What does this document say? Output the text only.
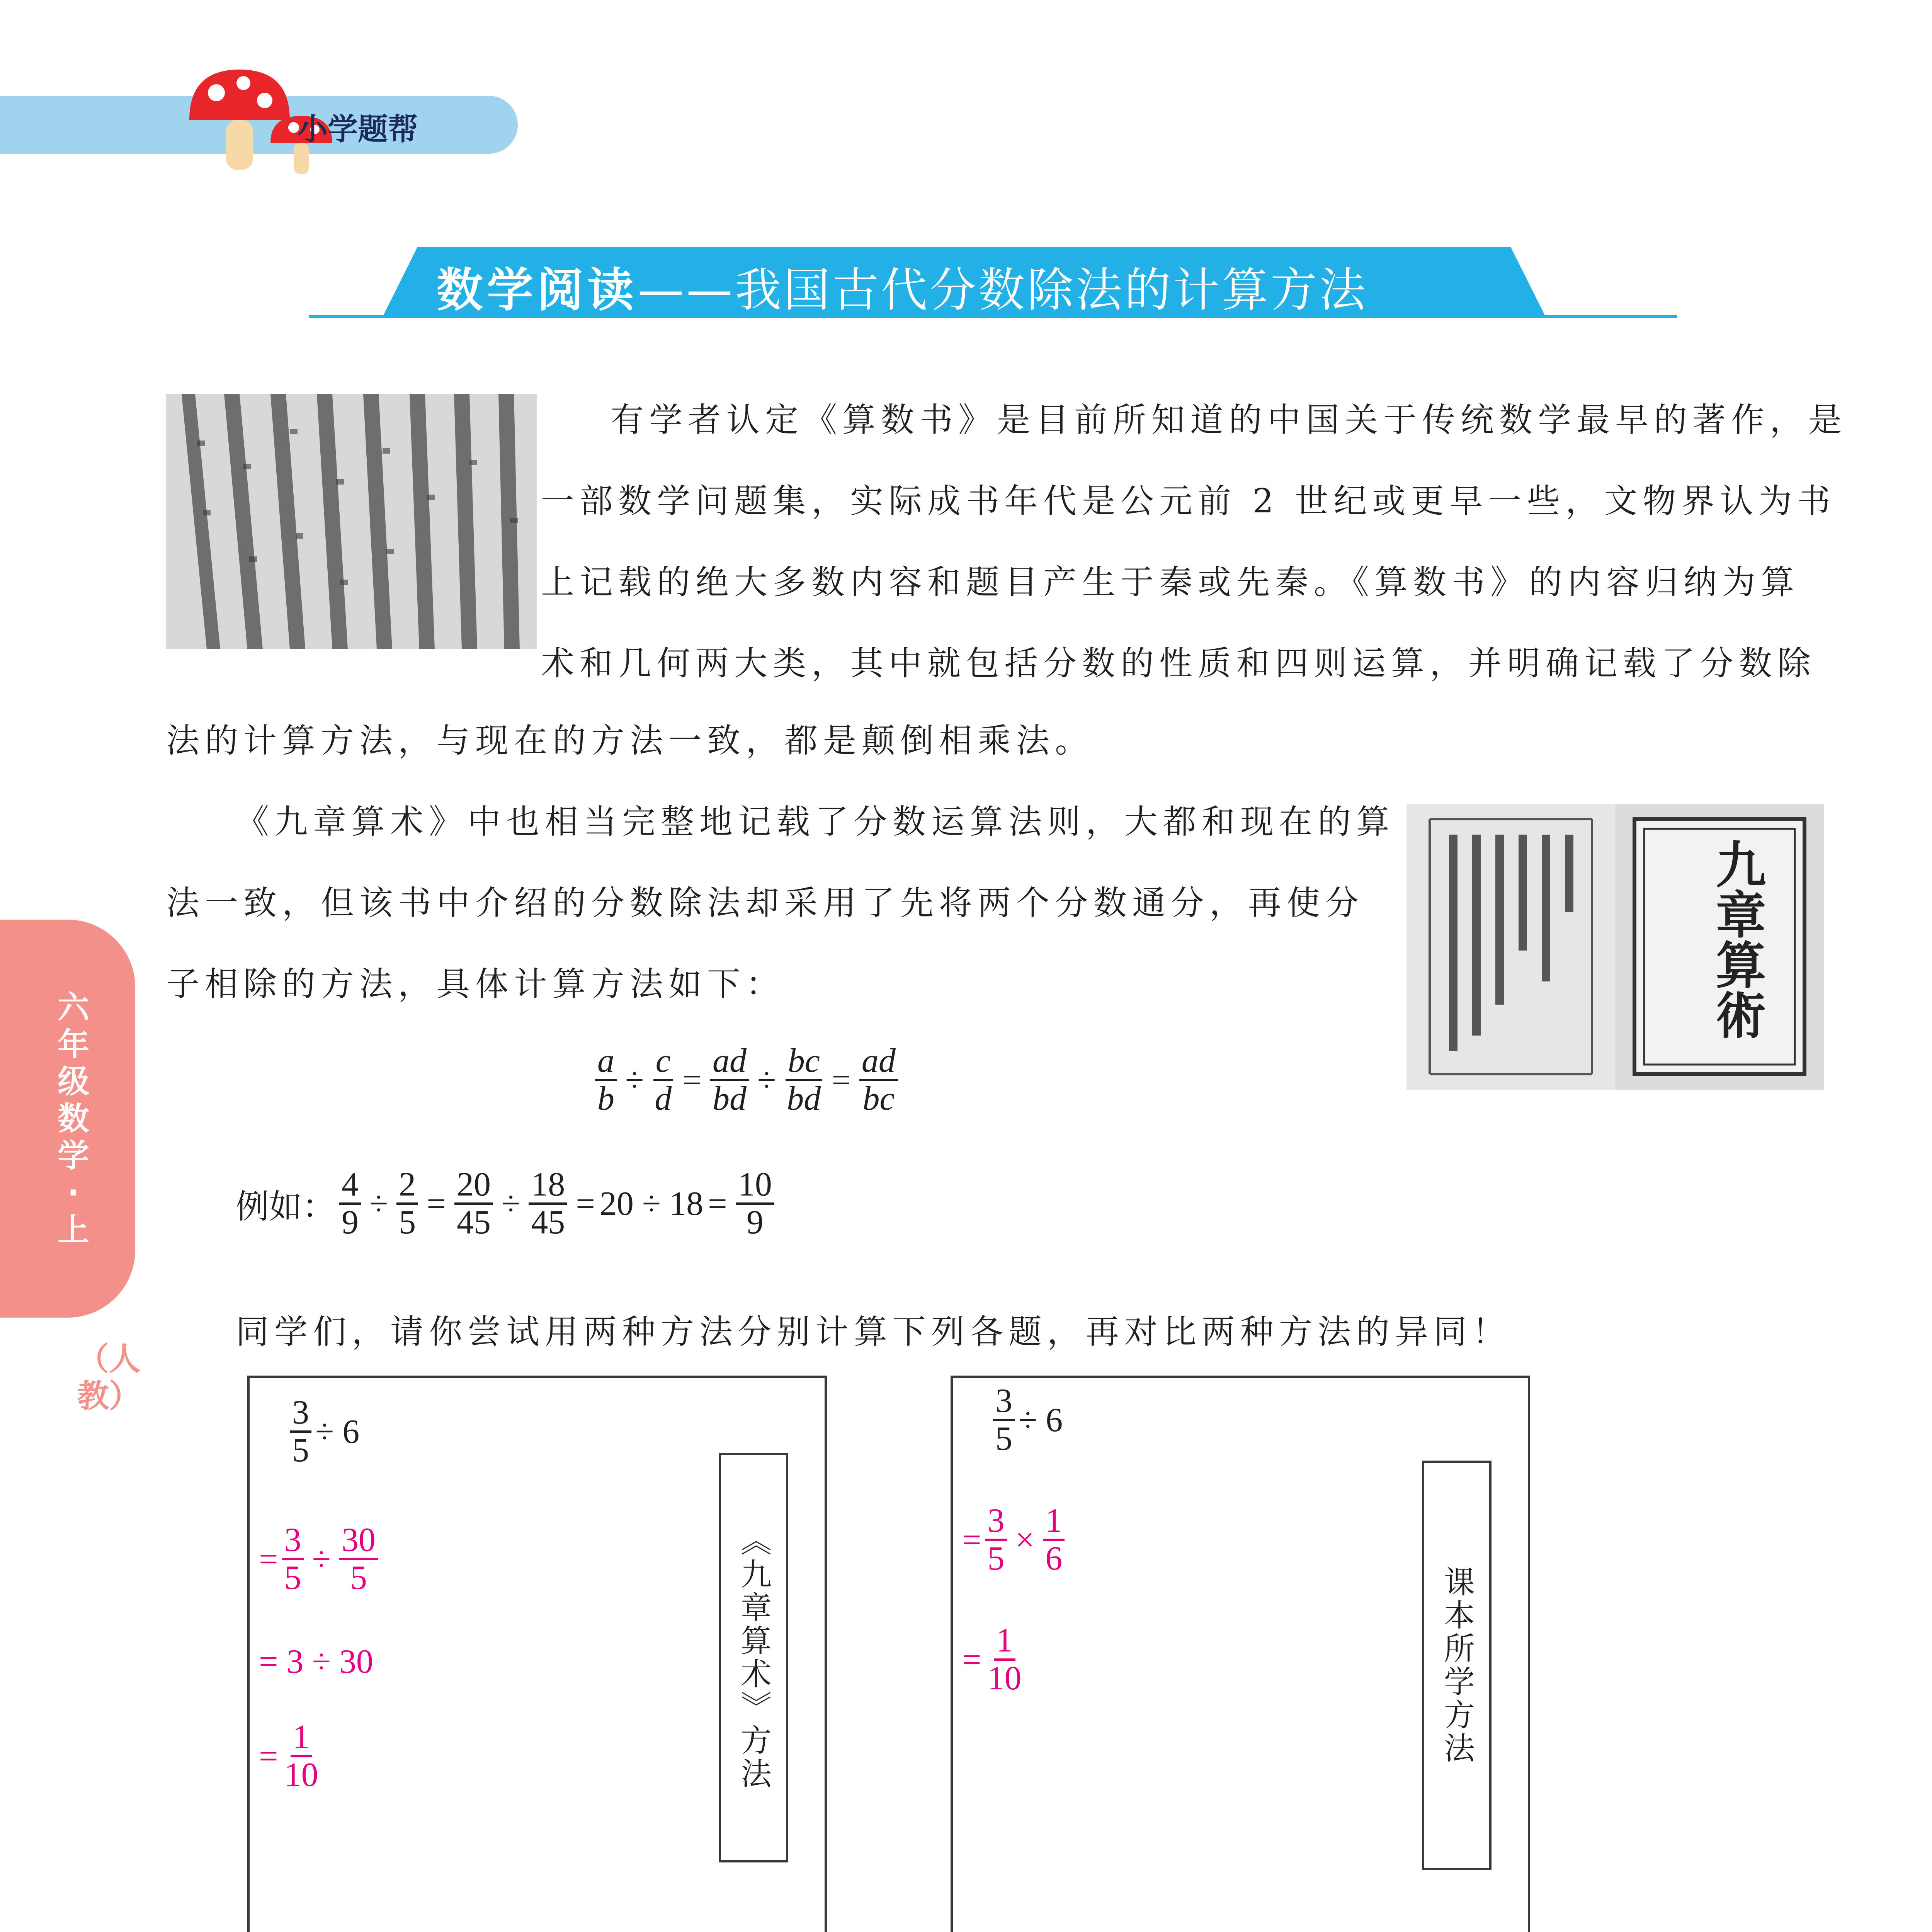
小学题帮
数学阅读——我国古代分数除法的计算方法
六年级数学·上
（人教）
有学者认定《算数书》是目前所知道的中国关于传统数学最早的著作，是
一部数学问题集，实际成书年代是公元前 2 世纪或更早一些，文物界认为书
上记载的绝大多数内容和题目产生于秦或先秦。《算数书》的内容归纳为算
术和几何两大类，其中就包括分数的性质和四则运算，并明确记载了分数除
法的计算方法，与现在的方法一致，都是颠倒相乘法。
《九章算术》中也相当完整地记载了分数运算法则，大都和现在的算
法一致，但该书中介绍的分数除法却采用了先将两个分数通分，再使分
子相除的方法，具体计算方法如下：	九章算術
$\frac{a}{b} \div \frac{c}{d} = \frac{ad}{bd} \div \frac{bc}{bd} = \frac{ad}{bc}$
例如： $\frac{4}{9} \div \frac{2}{5} = \frac{20}{45} \div \frac{18}{45} = 20 \div 18 = \frac{10}{9}$
同学们，请你尝试用两种方法分别计算下列各题，再对比两种方法的异同！
$\frac{3}{5} \div 6$
= $\frac{3}{5} \div \frac{30}{5}$
= 3 ÷ 30
= $\frac{1}{10}$	《九章算术》方法
$\frac{3}{5} \div 6$
= $\frac{3}{5} \times \frac{1}{6}$
= $\frac{1}{10}$	课本所学方法
